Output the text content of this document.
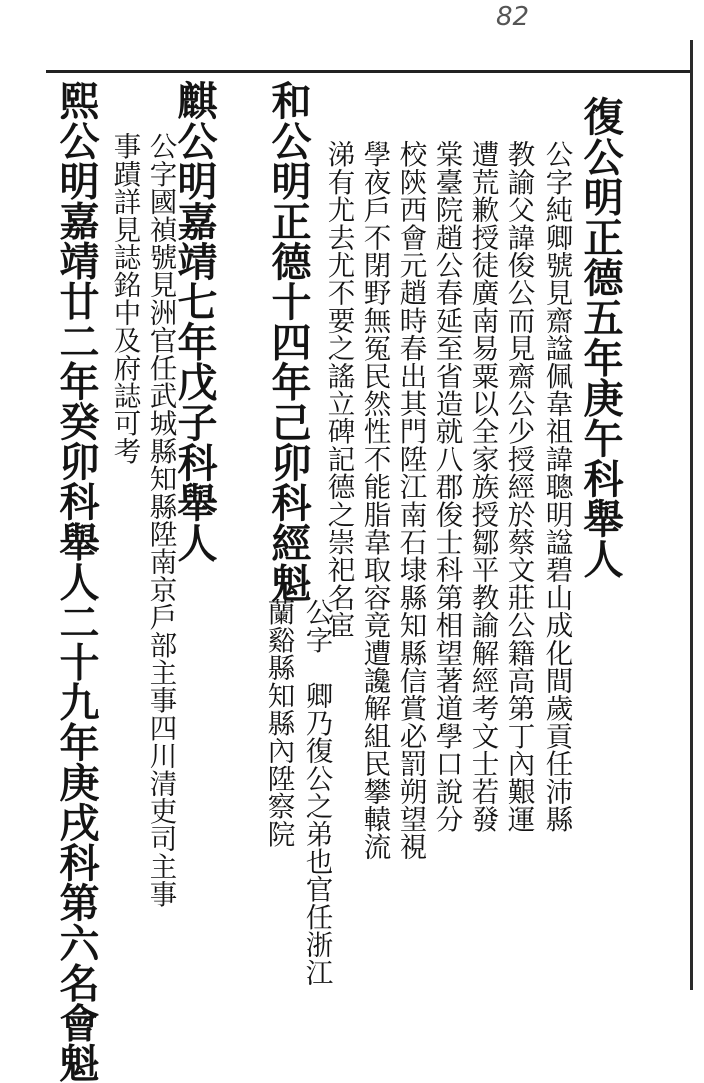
82
復公明正德五年庚午科舉人
公字純卿號見齋諡佩韋祖諱聰明諡碧山成化間歲貢任沛縣
教諭父諱俊公而見齋公少授經於蔡文莊公籍高第丁內艱運
遭荒歉授徒廣南易粟以全家族授鄒平教諭解經考文士若發
棠臺院趙公春延至省造就八郡俊士科第相望著道學口說分
校陝西會元趙時春出其門陞江南石埭縣知縣信賞必罰朔望視
學夜戶不閉野無冤民然性不能脂韋取容竟遭讒解組民攀轅流
涕有尤去尤不要之謠立碑記德之崇祀名宦
和公明正德十四年己卯科經魁
公字　卿乃復公之弟也官任浙江
蘭谿縣知縣內陞察院
麒公明嘉靖七年戊子科舉人
公字國禎號見洲官任武城縣知縣陞南京戶部主事四川清吏司主事
事蹟詳見誌銘中及府誌可考
熙公明嘉靖廿二年癸卯科舉人二十九年庚戌科第六名會魁
